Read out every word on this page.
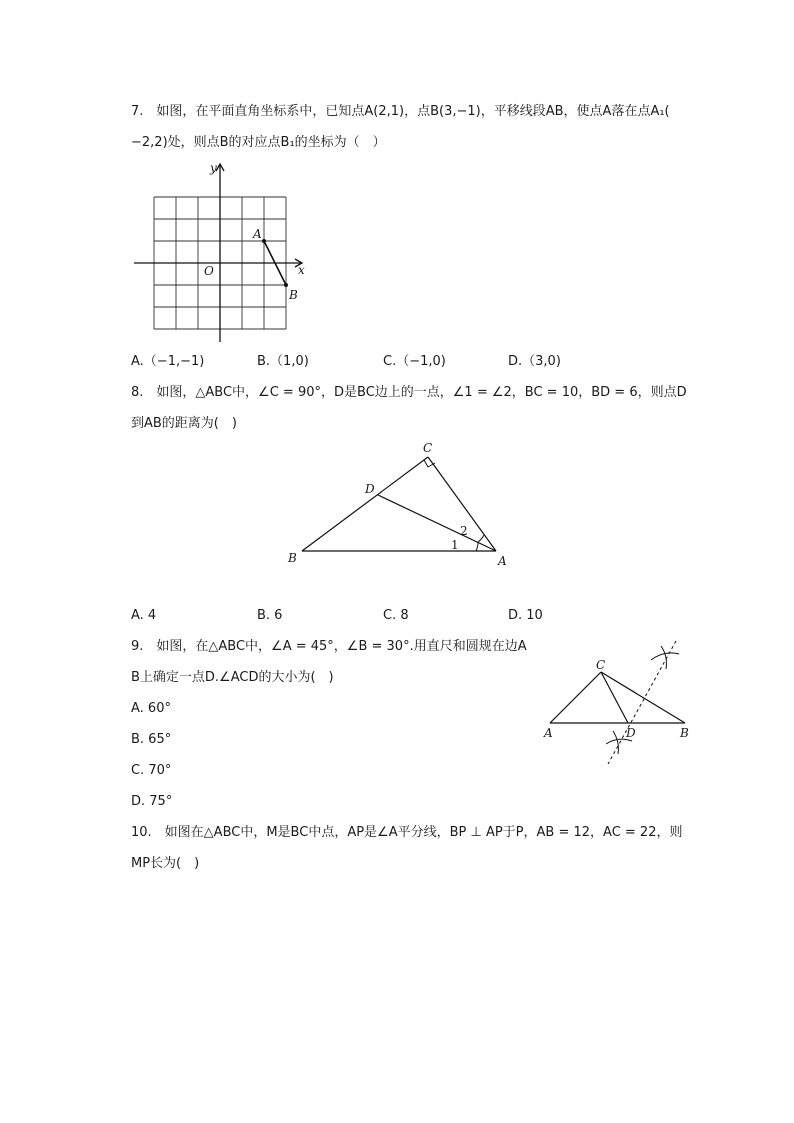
7.　如图，在平面直角坐标系中，已知点A(2,1)，点B(3,−1)，平移线段AB，使点A落在点A₁(
−2,2)处，则点B的对应点B₁的坐标为（　）
y
x
O
A
B
A.（−1,−1)	B.（1,0)	C.（−1,0)	D.（3,0)
8.　如图，△ABC中，∠C = 90°，D是BC边上的一点，∠1 = ∠2，BC = 10，BD = 6，则点D
到AB的距离为(　)
C
D
B	A
1
2
A. 4	B. 6	C. 8	D. 10
9.　如图，在△ABC中，∠A = 45°，∠B = 30°.用直尺和圆规在边A
B上确定一点D.∠ACD的大小为(　)
C
A	D	B
A. 60°
B. 65°
C. 70°
D. 75°
10.　如图在△ABC中，M是BC中点，AP是∠A平分线，BP ⊥ AP于P，AB = 12，AC = 22，则
MP长为(　)
